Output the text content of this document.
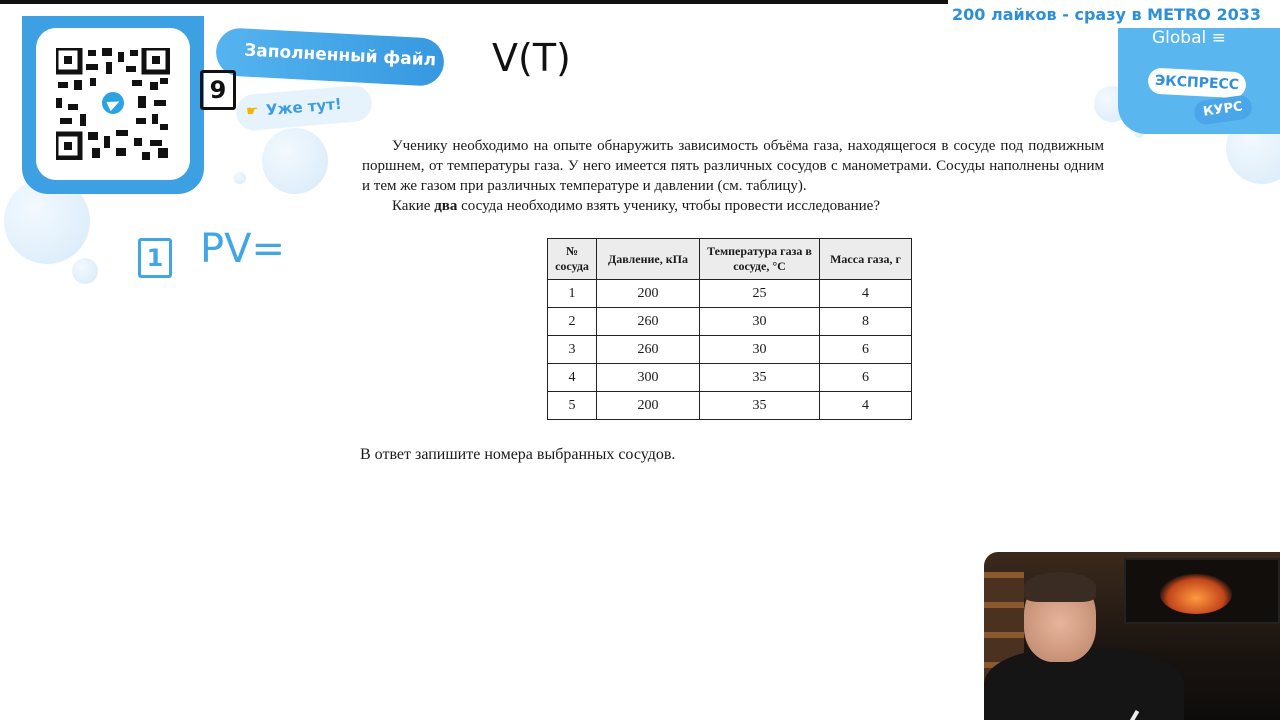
200 лайков - сразу в METRO 2033
Заполненный файл
☛ Уже тут!
Global ≡
ЭКСПРЕСС
КУРС
V(T)
9
1 PV=

Ученику необходимо на опыте обнаружить зависимость объёма газа, находящегося в сосуде под подвижным поршнем, от температуры газа. У него имеется пять различных сосудов с манометрами. Сосуды наполнены одним и тем же газом при различных температуре и давлении (см. таблицу).

Какие два сосуда необходимо взять ученику, чтобы провести исследование?

№ сосуда	Давление, кПа	Температура газа в сосуде, °С	Масса газа, г
1	200	25	4
2	260	30	8
3	260	30	6
4	300	35	6
5	200	35	4
В ответ запишите номера выбранных сосудов.
